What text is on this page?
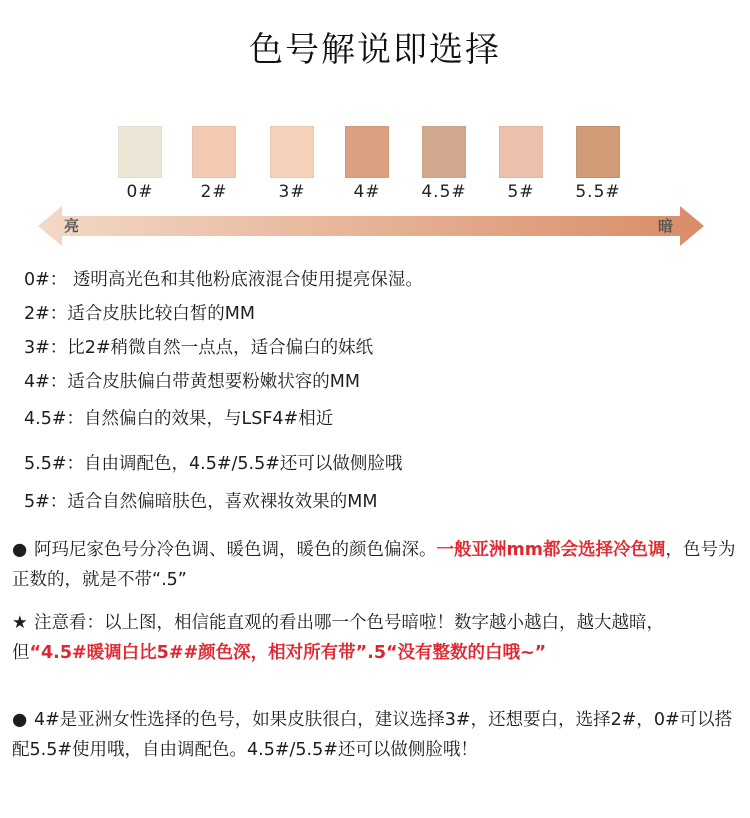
色号解说即选择
0#	2#	3#	4#	4.5#	5#	5.5#
亮	暗
0#： 透明高光色和其他粉底液混合使用提亮保湿。
2#：适合皮肤比较白皙的MM
3#：比2#稍微自然一点点，适合偏白的妹纸
4#：适合皮肤偏白带黄想要粉嫩状容的MM
4.5#：自然偏白的效果，与LSF4#相近
5.5#：自由调配色，4.5#/5.5#还可以做侧脸哦
5#：适合自然偏暗肤色，喜欢裸妆效果的MM
● 阿玛尼家色号分冷色调、暖色调，暖色的颜色偏深。一般亚洲mm都会选择冷色调，色号为正数的，就是不带“.5”
★ 注意看：以上图，相信能直观的看出哪一个色号暗啦！数字越小越白，越大越暗，但“4.5#暖调白比5##颜色深，相对所有带”.5“没有整数的白哦~”
● 4#是亚洲女性选择的色号，如果皮肤很白，建议选择3#，还想要白，选择2#，0#可以搭配5.5#使用哦，自由调配色。4.5#/5.5#还可以做侧脸哦！
